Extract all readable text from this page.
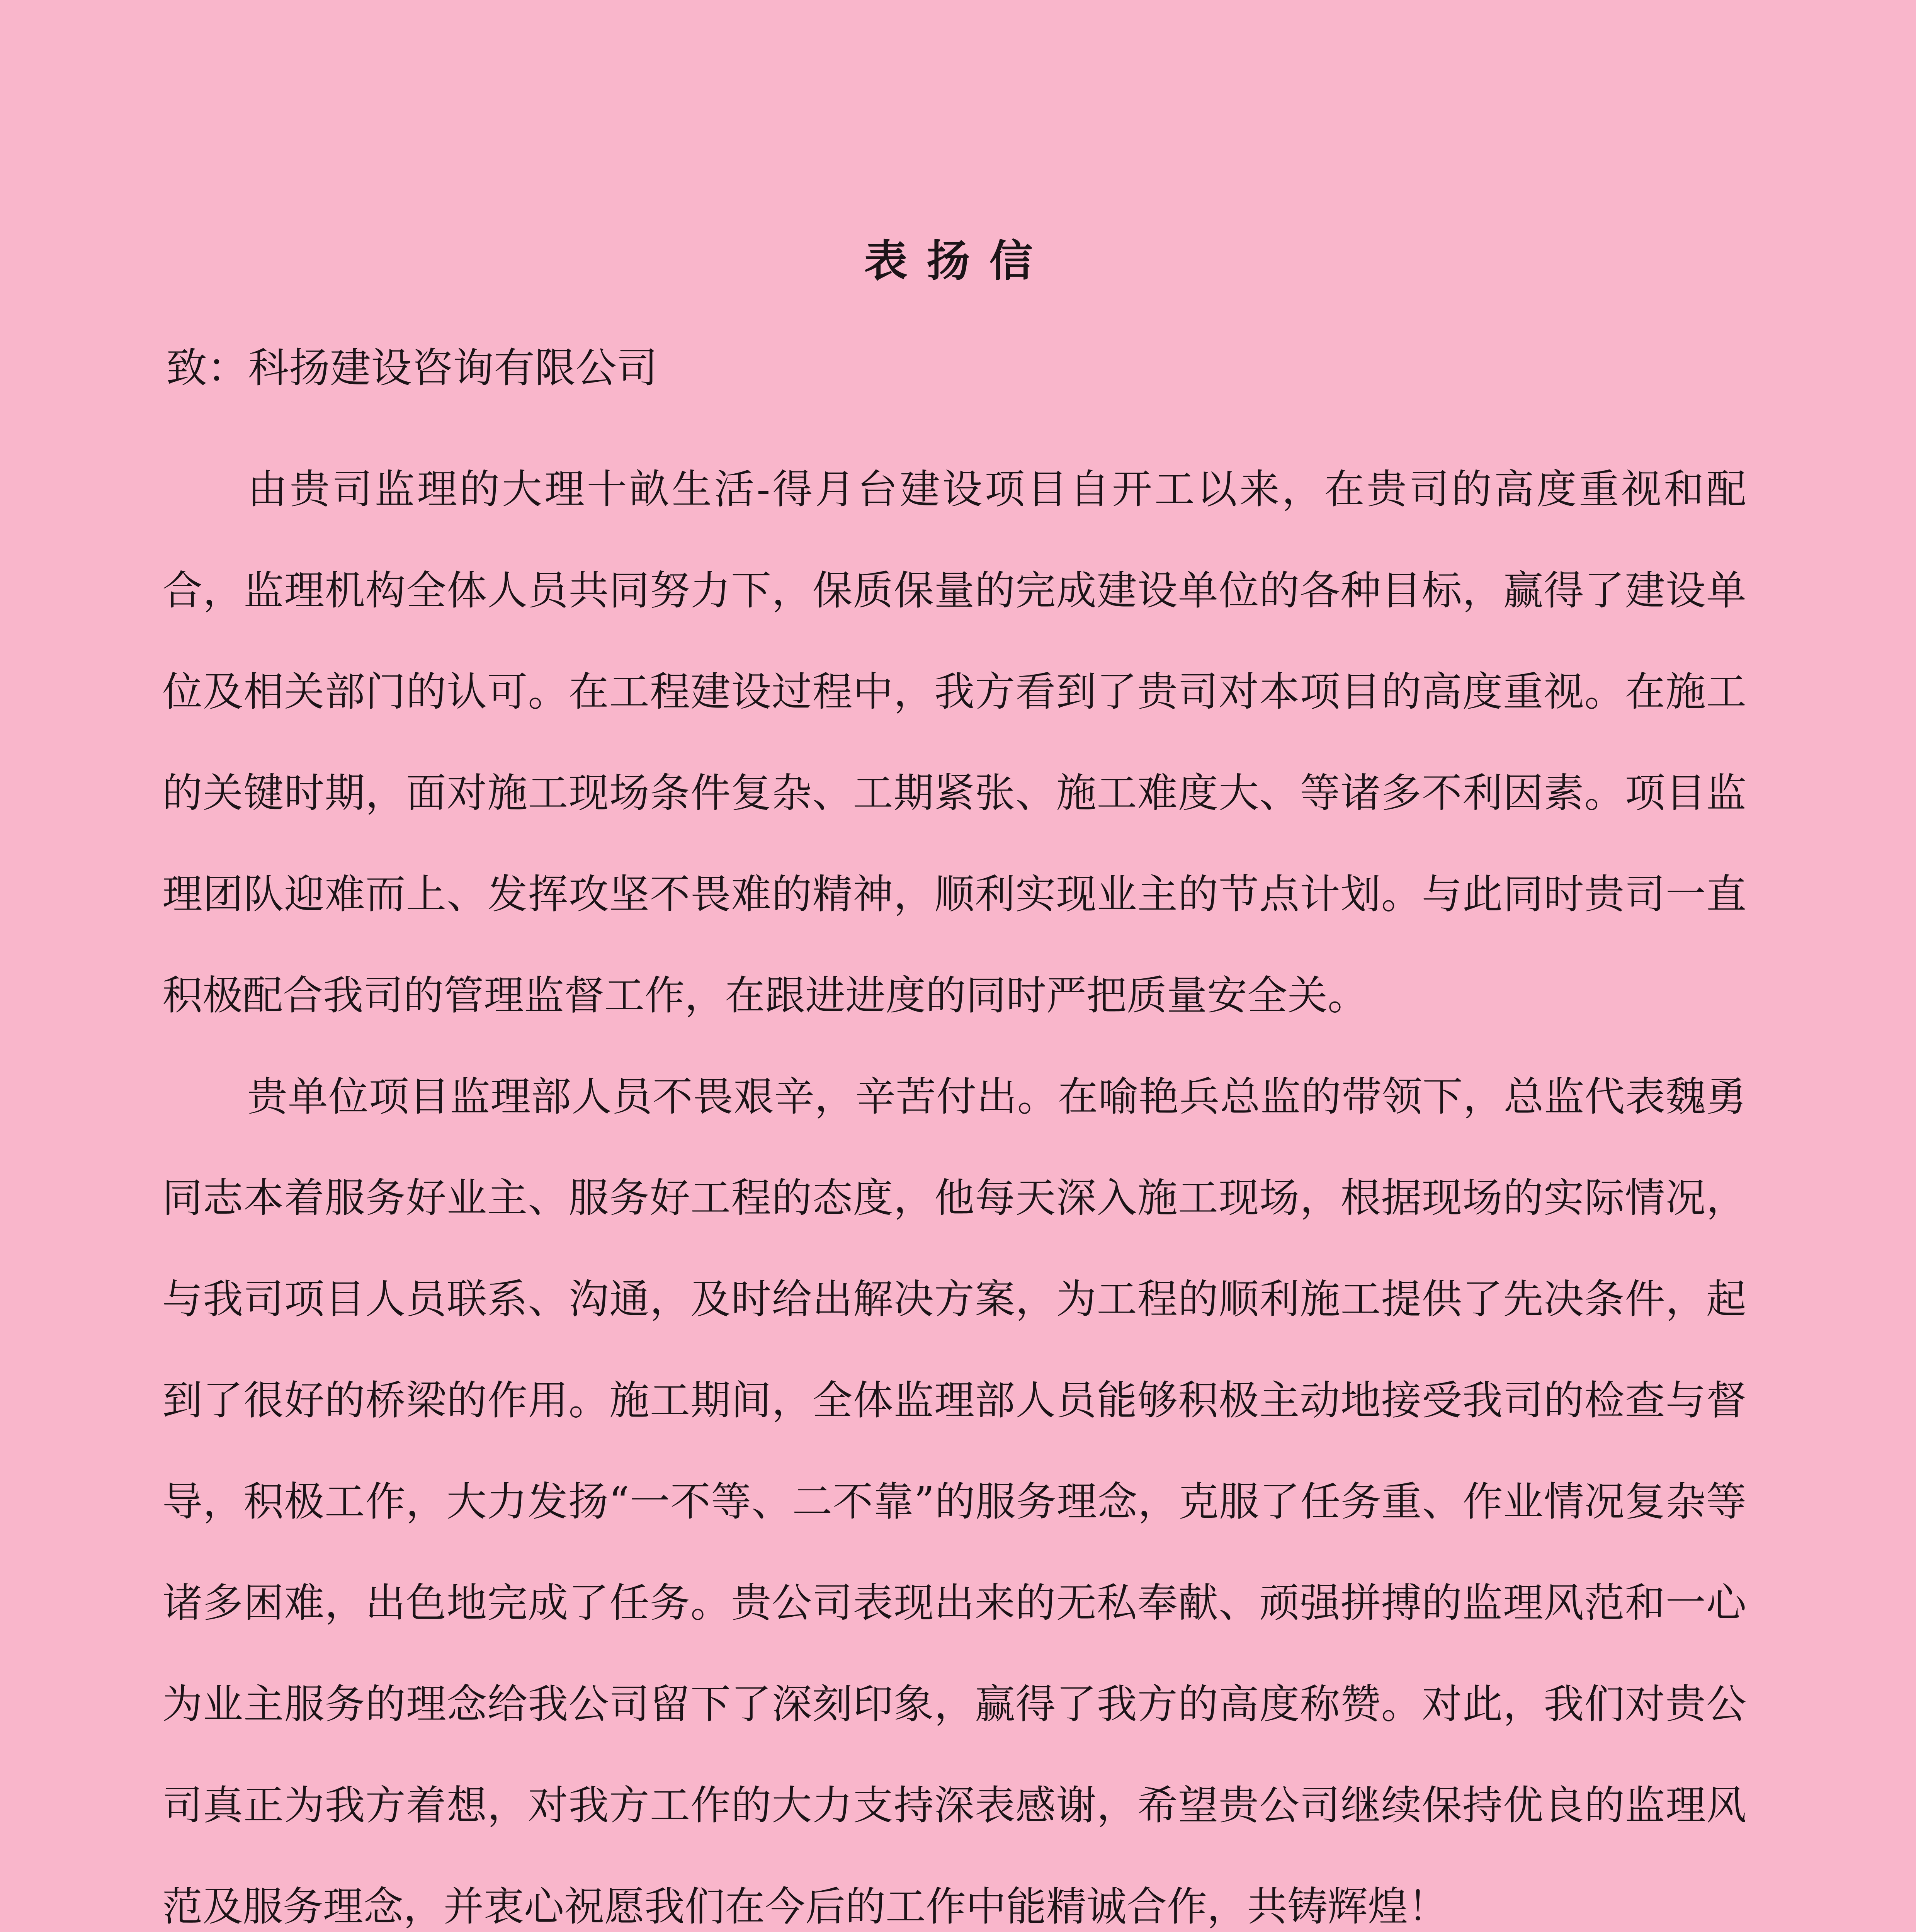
表扬信
致：科扬建设咨询有限公司

由贵司监理的大理十畝生活-得月台建设项目自开工以来，在贵司的高度重视和配合，监理机构全体人员共同努力下，保质保量的完成建设单位的各种目标，赢得了建设单位及相关部门的认可。在工程建设过程中，我方看到了贵司对本项目的高度重视。在施工的关键时期，面对施工现场条件复杂、工期紧张、施工难度大、等诸多不利因素。项目监理团队迎难而上、发挥攻坚不畏难的精神，顺利实现业主的节点计划。与此同时贵司一直积极配合我司的管理监督工作，在跟进进度的同时严把质量安全关。

贵单位项目监理部人员不畏艰辛，辛苦付出。在喻艳兵总监的带领下，总监代表魏勇同志本着服务好业主、服务好工程的态度，他每天深入施工现场，根据现场的实际情况，与我司项目人员联系、沟通，及时给出解决方案，为工程的顺利施工提供了先决条件，起到了很好的桥梁的作用。施工期间，全体监理部人员能够积极主动地接受我司的检查与督导，积极工作，大力发扬“一不等、二不靠”的服务理念，克服了任务重、作业情况复杂等诸多困难，出色地完成了任务。贵公司表现出来的无私奉献、顽强拼搏的监理风范和一心为业主服务的理念给我公司留下了深刻印象，赢得了我方的高度称赞。对此，我们对贵公司真正为我方着想，对我方工作的大力支持深表感谢，希望贵公司继续保持优良的监理风范及服务理念，并衷心祝愿我们在今后的工作中能精诚合作，共铸辉煌！
